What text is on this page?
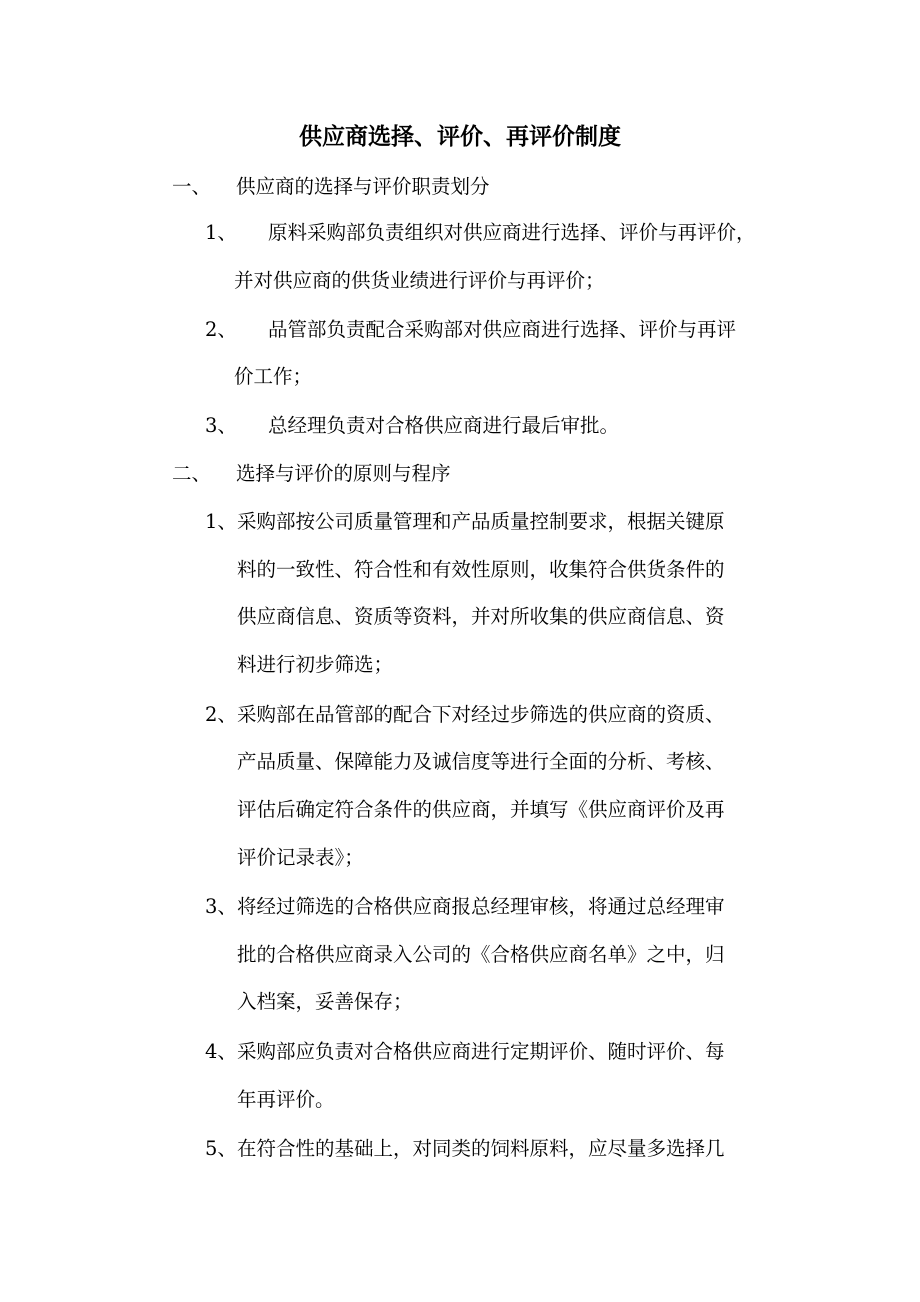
供应商选择、评价、再评价制度
一、 供应商的选择与评价职责划分
1、 原料采购部负责组织对供应商进行选择、评价与再评价，
并对供应商的供货业绩进行评价与再评价；
2、 品管部负责配合采购部对供应商进行选择、评价与再评
价工作；
3、 总经理负责对合格供应商进行最后审批。
二、 选择与评价的原则与程序
1、 采购部按公司质量管理和产品质量控制要求，根据关键原
料的一致性、符合性和有效性原则，收集符合供货条件的
供应商信息、资质等资料，并对所收集的供应商信息、资
料进行初步筛选；
2、 采购部在品管部的配合下对经过步筛选的供应商的资质、
产品质量、保障能力及诚信度等进行全面的分析、考核、
评估后确定符合条件的供应商，并填写《供应商评价及再
评价记录表》；
3、 将经过筛选的合格供应商报总经理审核，将通过总经理审
批的合格供应商录入公司的《合格供应商名单》之中，归
入档案，妥善保存；
4、 采购部应负责对合格供应商进行定期评价、随时评价、每
年再评价。
5、 在符合性的基础上，对同类的饲料原料，应尽量多选择几
